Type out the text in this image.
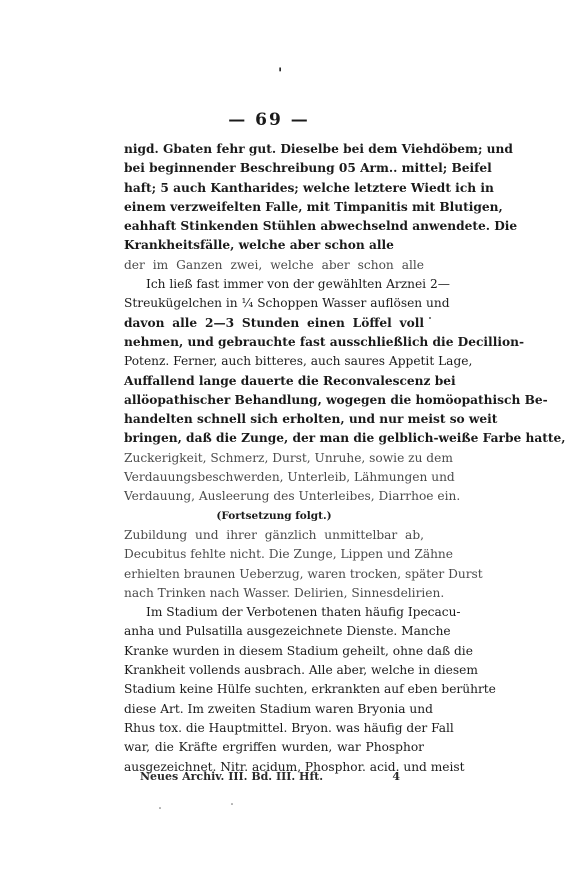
'
— 69 —
nigd. Gbaten fehr gut. Dieselbe bei dem Viehdöbem; und
bei beginnender Beschreibung 05 Arm.. mittel; Beifel
haft; 5 auch Kantharides; welche letztere Wiedt ich in
einem verzweifelten Falle, mit Timpanitis mit Blutigen,
eahhaft Stinkenden Stühlen abwechselnd anwendete. Die
Krankheitsfälle, welche aber schon alle
der im Ganzen zwei, welche aber schon alle
Ich ließ fast immer von der gewählten Arznei 2—
Streukügelchen in ¼ Schoppen Wasser auflösen und
davon alle 2—3 Stunden einen Löffel voll
nehmen, und gebrauchte fast ausschließlich die Decillion-
Potenz. Ferner, auch bitteres, auch saures Appetit Lage,
Auffallend lange dauerte die Reconvalescenz bei
allöopathischer Behandlung, wogegen die homöopathisch Be-
handelten schnell sich erholten, und nur meist so weit
bringen, daß die Zunge, der man die gelblich-weiße Farbe hatte,
Zuckerigkeit, Schmerz, Durst, Unruhe, sowie zu dem
Verdauungsbeschwerden, Unterleib, Lähmungen und
Verdauung, Ausleerung des Unterleibes, Diarrhoe ein.
(Fortsetzung folgt.)
Zubildung und ihrer gänzlich unmittelbar ab,
Decubitus fehlte nicht. Die Zunge, Lippen und Zähne
erhielten braunen Ueberzug, waren trocken, später Durst
nach Trinken nach Wasser. Delirien, Sinnesdelirien.
Im Stadium der Verbotenen thaten häufig Ipecacu-
anha und Pulsatilla ausgezeichnete Dienste. Manche
Kranke wurden in diesem Stadium geheilt, ohne daß die
Krankheit vollends ausbrach. Alle aber, welche in diesem
Stadium keine Hülfe suchten, erkrankten auf eben berührte
diese Art. Im zweiten Stadium waren Bryonia und
Rhus tox. die Hauptmittel. Bryon. was häufig der Fall
war, die Kräfte ergriffen wurden, war Phosphor
ausgezeichnet. Nitr. acidum, Phosphor. acid. und meist
Neues Archiv. III. Bd. III. Hft.	4
